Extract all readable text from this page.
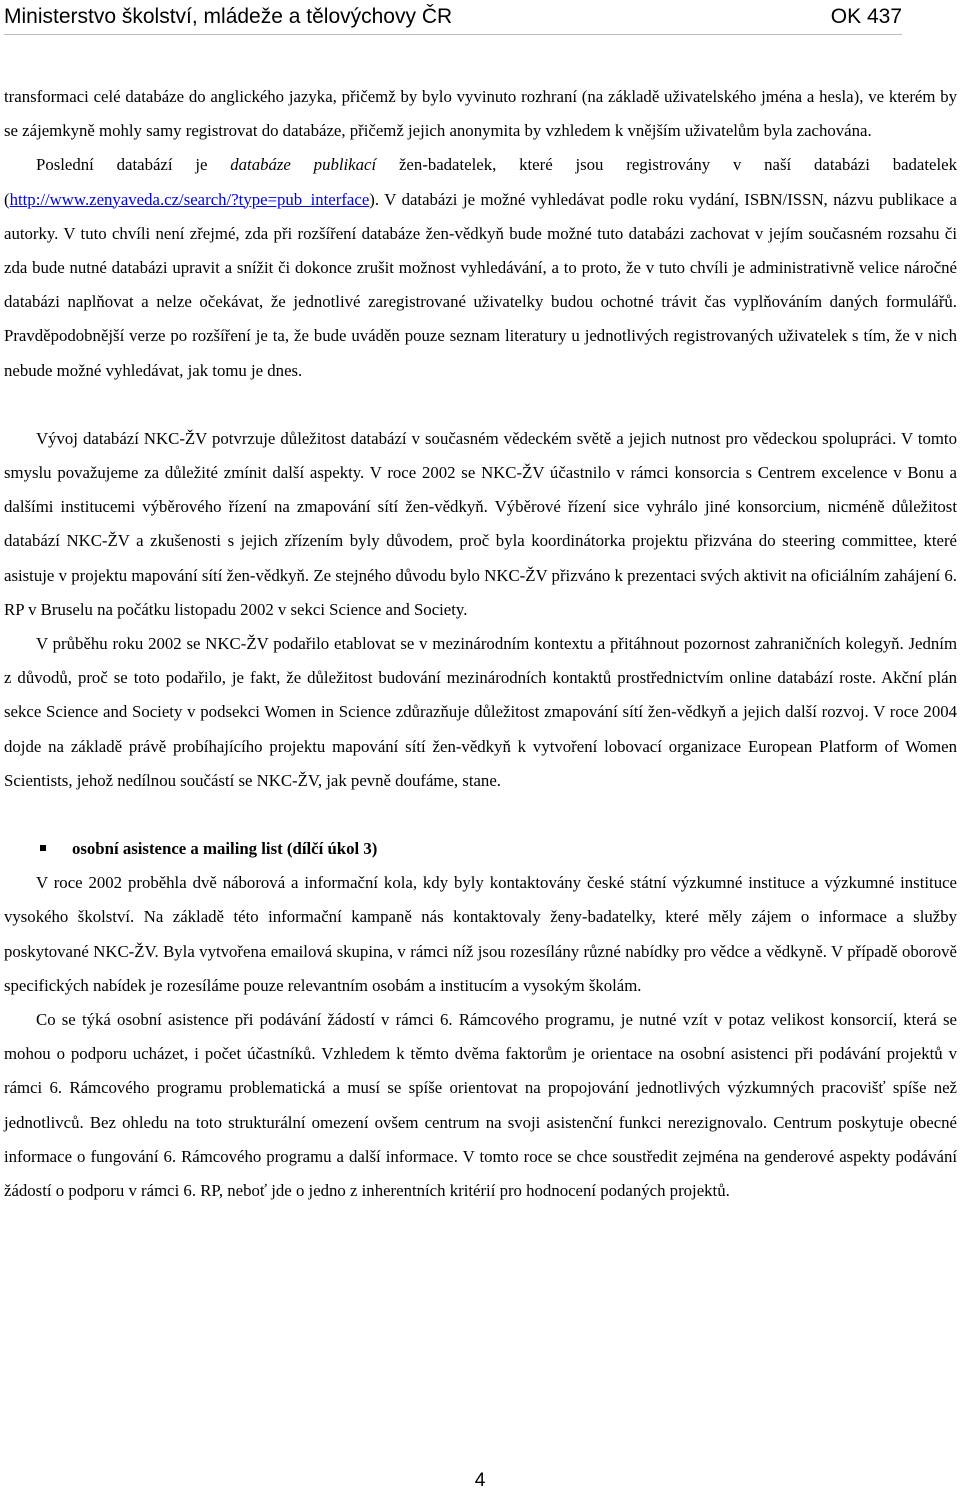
Ministerstvo školství, mládeže a tělovýchovy ČR	OK 437

transformaci celé databáze do anglického jazyka, přičemž by bylo vyvinuto rozhraní (na základě uživatelského jména a hesla), ve kterém by se zájemkyně mohly samy registrovat do databáze, přičemž jejich anonymita by vzhledem k vnějším uživatelům byla zachována.

Poslední databází je databáze publikací žen-badatelek, které jsou registrovány v naší databázi badatelek (http://www.zenyaveda.cz/search/?type=pub_interface). V databázi je možné vyhledávat podle roku vydání, ISBN/ISSN, názvu publikace a autorky. V tuto chvíli není zřejmé, zda při rozšíření databáze žen-vědkyň bude možné tuto databázi zachovat v jejím současném rozsahu či zda bude nutné databázi upravit a snížit či dokonce zrušit možnost vyhledávání, a to proto, že v tuto chvíli je administrativně velice náročné databázi naplňovat a nelze očekávat, že jednotlivé zaregistrované uživatelky budou ochotné trávit čas vyplňováním daných formulářů. Pravděpodobnější verze po rozšíření je ta, že bude uváděn pouze seznam literatury u jednotlivých registrovaných uživatelek s tím, že v nich nebude možné vyhledávat, jak tomu je dnes.

Vývoj databází NKC-ŽV potvrzuje důležitost databází v současném vědeckém světě a jejich nutnost pro vědeckou spolupráci. V tomto smyslu považujeme za důležité zmínit další aspekty. V roce 2002 se NKC-ŽV účastnilo v rámci konsorcia s Centrem excelence v Bonu a dalšími institucemi výběrového řízení na zmapování sítí žen-vědkyň. Výběrové řízení sice vyhrálo jiné konsorcium, nicméně důležitost databází NKC-ŽV a zkušenosti s jejich zřízením byly důvodem, proč byla koordinátorka projektu přizvána do steering committee, které asistuje v projektu mapování sítí žen-vědkyň. Ze stejného důvodu bylo NKC-ŽV přizváno k prezentaci svých aktivit na oficiálním zahájení 6. RP v Bruselu na počátku listopadu 2002 v sekci Science and Society.

V průběhu roku 2002 se NKC-ŽV podařilo etablovat se v mezinárodním kontextu a přitáhnout pozornost zahraničních kolegyň. Jedním z důvodů, proč se toto podařilo, je fakt, že důležitost budování mezinárodních kontaktů prostřednictvím online databází roste. Akční plán sekce Science and Society v podsekci Women in Science zdůrazňuje důležitost zmapování sítí žen-vědkyň a jejich další rozvoj. V roce 2004 dojde na základě právě probíhajícího projektu mapování sítí žen-vědkyň k vytvoření lobovací organizace European Platform of Women Scientists, jehož nedílnou součástí se NKC-ŽV, jak pevně doufáme, stane.

osobní asistence a mailing list (dílčí úkol 3)

V roce 2002 proběhla dvě náborová a informační kola, kdy byly kontaktovány české státní výzkumné instituce a výzkumné instituce vysokého školství. Na základě této informační kampaně nás kontaktovaly ženy-badatelky, které měly zájem o informace a služby poskytované NKC-ŽV. Byla vytvořena emailová skupina, v rámci níž jsou rozesílány různé nabídky pro vědce a vědkyně. V případě oborově specifických nabídek je rozesíláme pouze relevantním osobám a institucím a vysokým školám.

Co se týká osobní asistence při podávání žádostí v rámci 6. Rámcového programu, je nutné vzít v potaz velikost konsorcií, která se mohou o podporu ucházet, i počet účastníků. Vzhledem k těmto dvěma faktorům je orientace na osobní asistenci při podávání projektů v rámci 6. Rámcového programu problematická a musí se spíše orientovat na propojování jednotlivých výzkumných pracovišť spíše než jednotlivců. Bez ohledu na toto strukturální omezení ovšem centrum na svoji asistenční funkci nerezignovalo. Centrum poskytuje obecné informace o fungování 6. Rámcového programu a další informace. V tomto roce se chce soustředit zejména na genderové aspekty podávání žádostí o podporu v rámci 6. RP, neboť jde o jedno z inherentních kritérií pro hodnocení podaných projektů.

4
